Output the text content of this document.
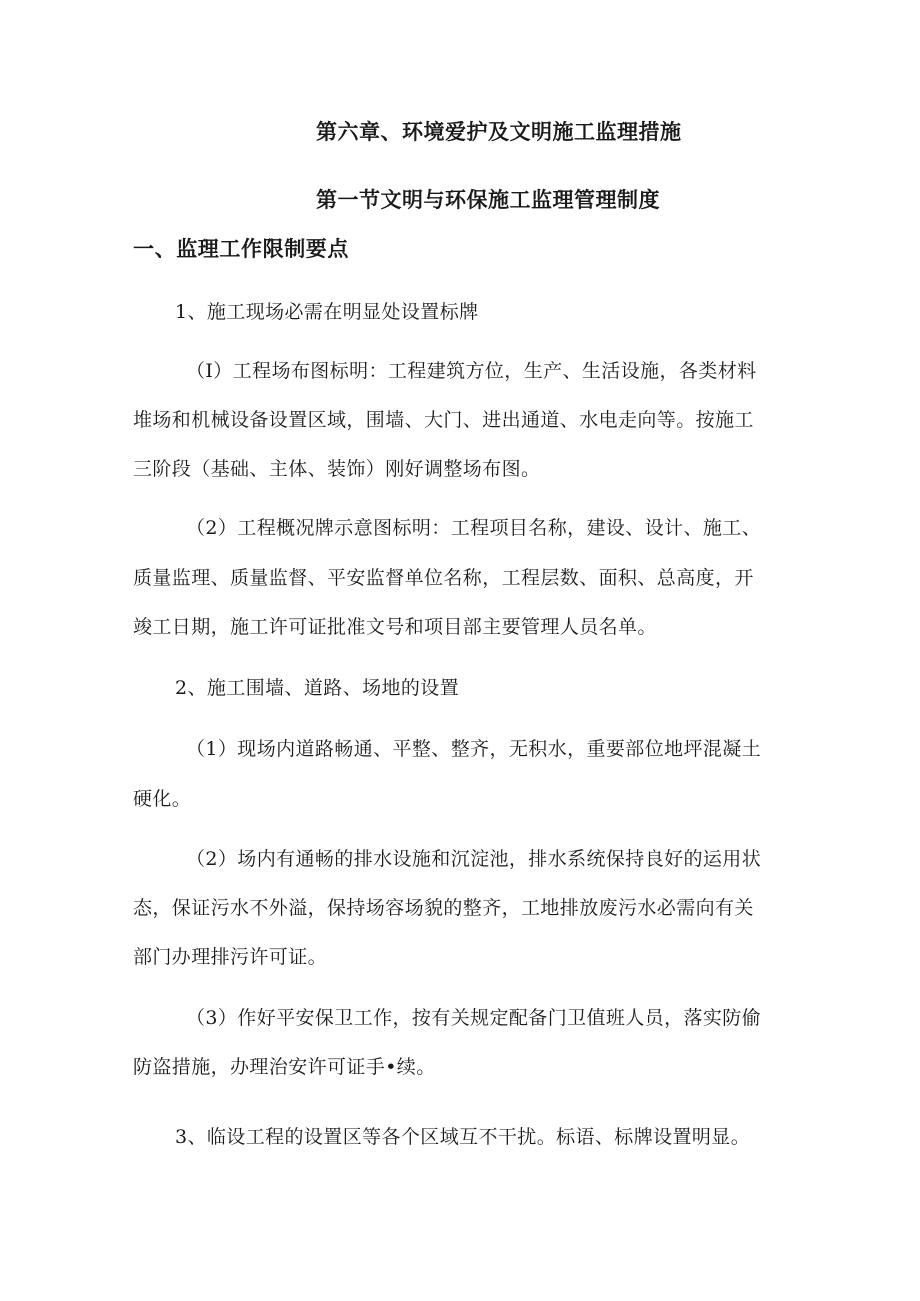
第六章、环境爱护及文明施工监理措施
第一节文明与环保施工监理管理制度
一、监理工作限制要点
1、施工现场必需在明显处设置标牌
（I）工程场布图标明：工程建筑方位，生产、生活设施，各类材料
堆场和机械设备设置区域，围墙、大门、进出通道、水电走向等。按施工
三阶段（基础、主体、装饰）刚好调整场布图。
（2）工程概况牌示意图标明：工程项目名称，建设、设计、施工、
质量监理、质量监督、平安监督单位名称，工程层数、面积、总高度，开
竣工日期，施工许可证批准文号和项目部主要管理人员名单。
2、施工围墙、道路、场地的设置
（1）现场内道路畅通、平整、整齐，无积水，重要部位地坪混凝土
硬化。
（2）场内有通畅的排水设施和沉淀池，排水系统保持良好的运用状
态，保证污水不外溢，保持场容场貌的整齐，工地排放废污水必需向有关
部门办理排污许可证。
（3）作好平安保卫工作，按有关规定配备门卫值班人员，落实防偷
防盗措施，办理治安许可证手•续。
3、临设工程的设置区等各个区域互不干扰。标语、标牌设置明显。
